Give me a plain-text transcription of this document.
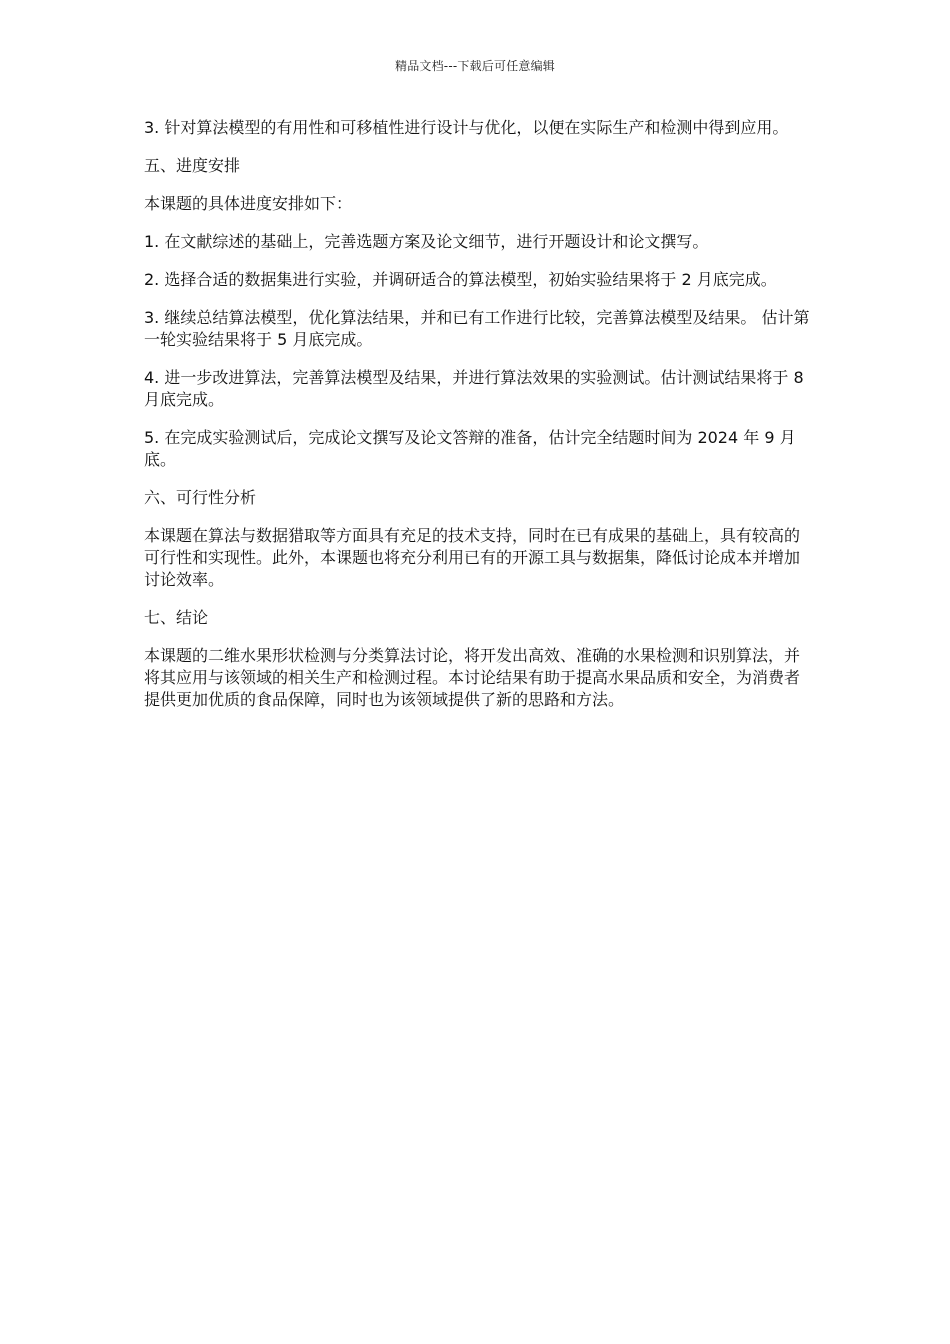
精品文档---下载后可任意编辑

3. 针对算法模型的有用性和可移植性进行设计与优化，以便在实际生产和检测中得到应用。

五、进度安排

本课题的具体进度安排如下：

1. 在文献综述的基础上，完善选题方案及论文细节，进行开题设计和论文撰写。

2. 选择合适的数据集进行实验，并调研适合的算法模型，初始实验结果将于 2 月底完成。

3. 继续总结算法模型，优化算法结果，并和已有工作进行比较，完善算法模型及结果。 估计第一轮实验结果将于 5 月底完成。

4. 进一步改进算法，完善算法模型及结果，并进行算法效果的实验测试。估计测试结果将于 8 月底完成。

5. 在完成实验测试后，完成论文撰写及论文答辩的准备，估计完全结题时间为 2024 年 9 月底。

六、可行性分析

本课题在算法与数据猎取等方面具有充足的技术支持，同时在已有成果的基础上，具有较高的可行性和实现性。此外，本课题也将充分利用已有的开源工具与数据集，降低讨论成本并增加讨论效率。

七、结论

本课题的二维水果形状检测与分类算法讨论，将开发出高效、准确的水果检测和识别算法，并将其应用与该领域的相关生产和检测过程。本讨论结果有助于提高水果品质和安全，为消费者提供更加优质的食品保障，同时也为该领域提供了新的思路和方法。
